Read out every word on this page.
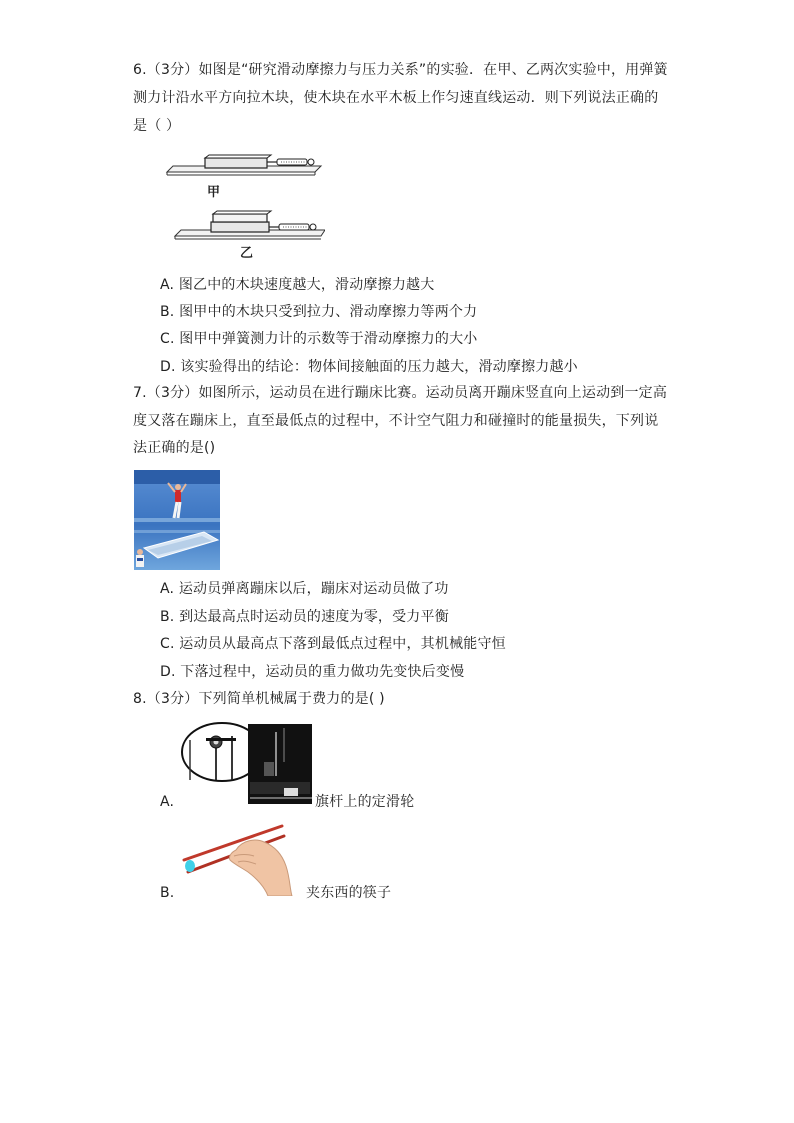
6.（3分）如图是“研究滑动摩擦力与压力关系”的实验．在甲、乙两次实验中，用弹簧
测力计沿水平方向拉木块，使木块在水平木板上作匀速直线运动．则下列说法正确的
是（ ）
甲
乙
A. 图乙中的木块速度越大，滑动摩擦力越大
B. 图甲中的木块只受到拉力、滑动摩擦力等两个力
C. 图甲中弹簧测力计的示数等于滑动摩擦力的大小
D. 该实验得出的结论：物体间接触面的压力越大，滑动摩擦力越小
7.（3分）如图所示，运动员在进行蹦床比赛。运动员离开蹦床竖直向上运动到一定高
度又落在蹦床上，直至最低点的过程中，不计空气阻力和碰撞时的能量损失，下列说
法正确的是()
A. 运动员弹离蹦床以后，蹦床对运动员做了功
B. 到达最高点时运动员的速度为零，受力平衡
C. 运动员从最高点下落到最低点过程中，其机械能守恒
D. 下落过程中，运动员的重力做功先变快后变慢
8.（3分）下列简单机械属于费力的是( )
A.	旗杆上的定滑轮
B.	夹东西的筷子
